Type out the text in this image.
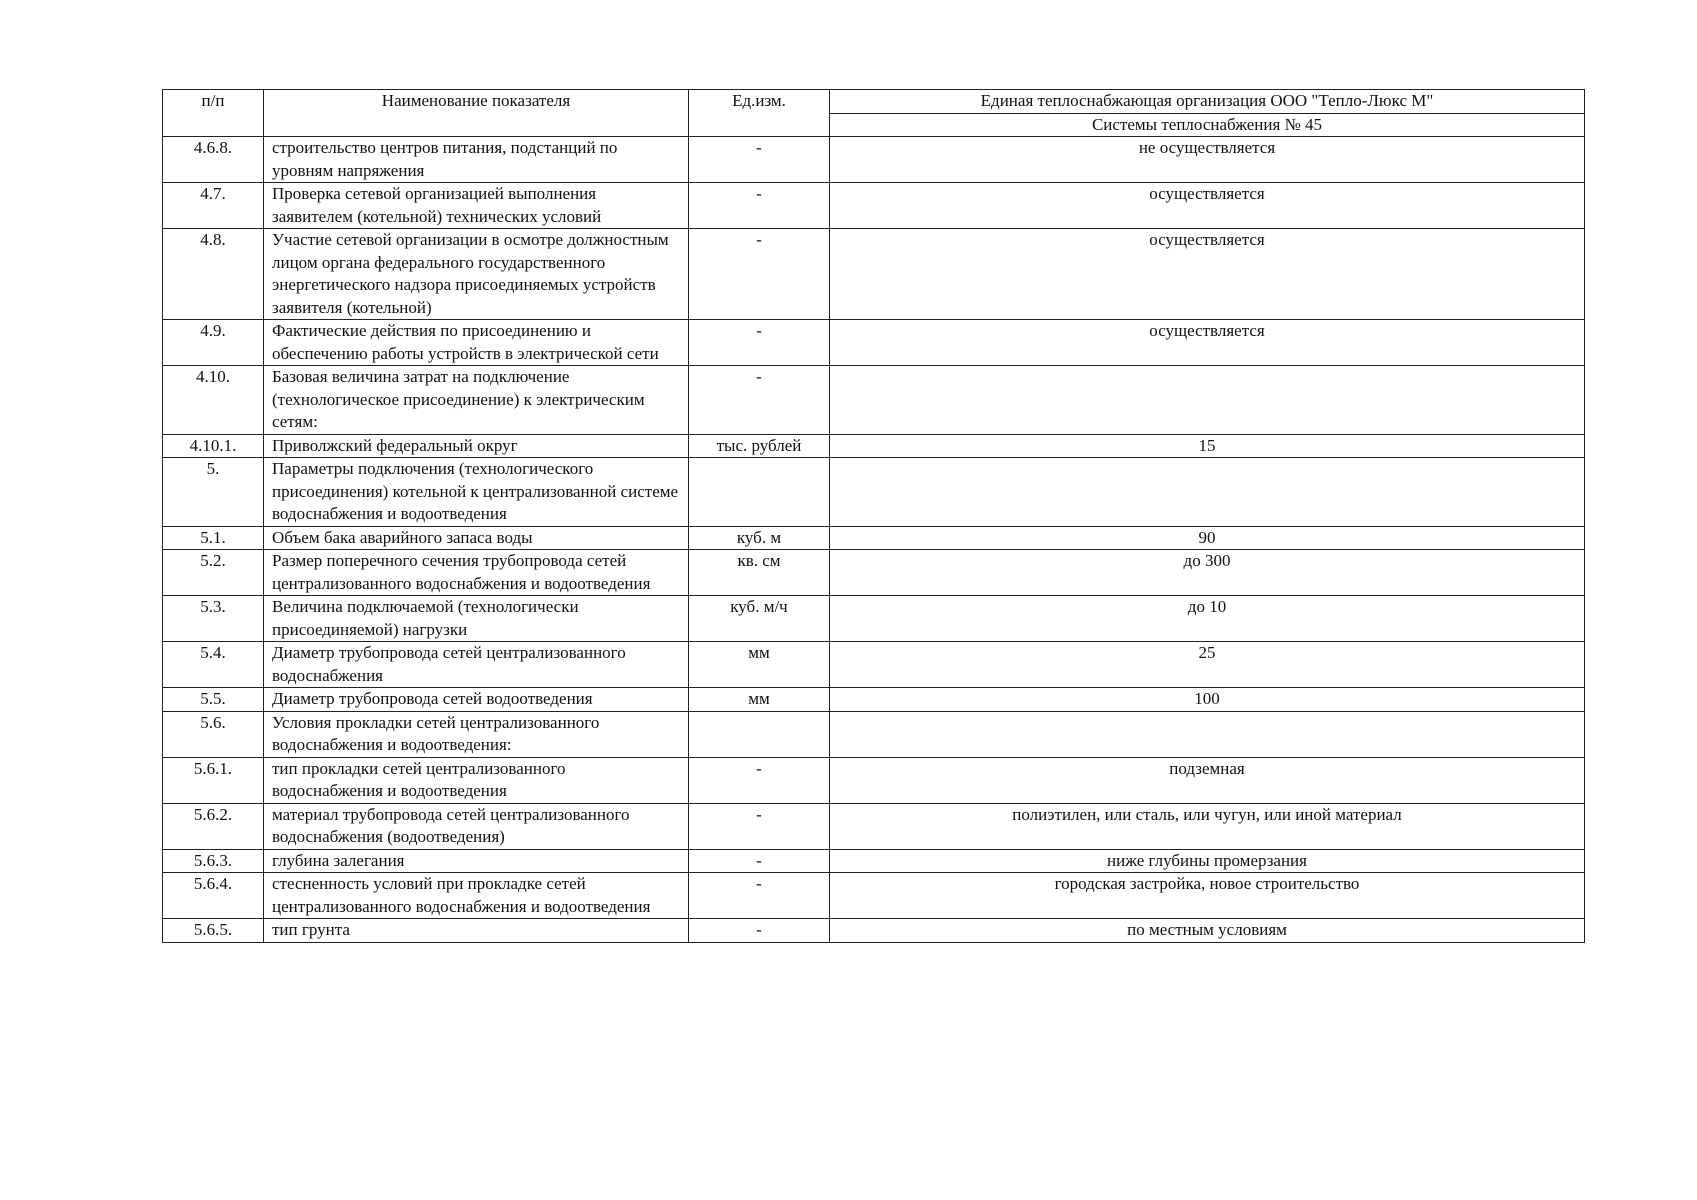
п/п	Наименование показателя	Ед.изм.	Единая теплоснабжающая организация ООО "Тепло-Люкс М"
			Системы теплоснабжения № 45
4.6.8.	строительство центров питания, подстанций по уровням напряжения	-	не осуществляется
4.7.	Проверка сетевой организацией выполнения заявителем (котельной) технических условий	-	осуществляется
4.8.	Участие сетевой организации в осмотре должностным лицом органа федерального государственного энергетического надзора присоединяемых устройств заявителя (котельной)	-	осуществляется
4.9.	Фактические действия по присоединению и обеспечению работы устройств в электрической сети	-	осуществляется
4.10.	Базовая величина затрат на подключение (технологическое присоединение) к электрическим сетям:	-	
4.10.1.	Приволжский федеральный округ	тыс. рублей	15
5.	Параметры подключения (технологического присоединения) котельной к централизованной системе водоснабжения и водоотведения		
5.1.	Объем бака аварийного запаса воды	куб. м	90
5.2.	Размер поперечного сечения трубопровода сетей централизованного водоснабжения и водоотведения	кв. см	до 300
5.3.	Величина подключаемой (технологически присоединяемой) нагрузки	куб. м/ч	до 10
5.4.	Диаметр трубопровода сетей централизованного водоснабжения	мм	25
5.5.	Диаметр трубопровода сетей водоотведения	мм	100
5.6.	Условия прокладки сетей централизованного водоснабжения и водоотведения:		
5.6.1.	тип прокладки сетей централизованного водоснабжения и водоотведения	-	подземная
5.6.2.	материал трубопровода сетей централизованного водоснабжения (водоотведения)	-	полиэтилен, или сталь, или чугун, или иной материал
5.6.3.	глубина залегания	-	ниже глубины промерзания
5.6.4.	стесненность условий при прокладке сетей централизованного водоснабжения и водоотведения	-	городская застройка, новое строительство
5.6.5.	тип грунта	-	по местным условиям
